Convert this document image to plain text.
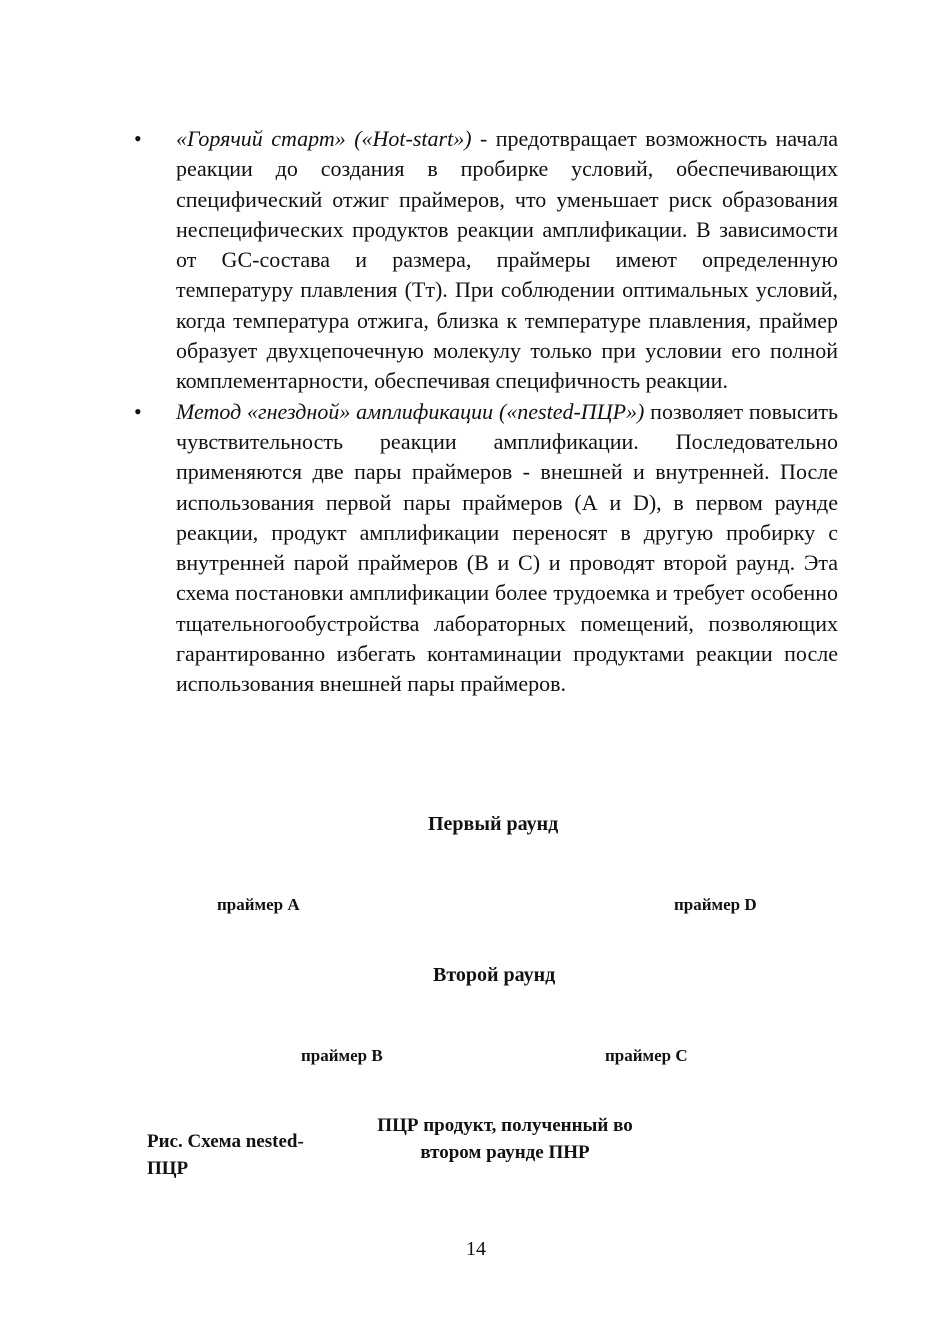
•	«Горячий старт» («Hot-start») - предотвращает возможность начала реакции до создания в пробирке условий, обеспечивающих специфический отжиг праймеров, что уменьшает риск образования неспецифических продуктов реакции амплификации. В зависимости от GC-состава и размера, праймеры имеют определенную температуру плавления (Tт). При соблюдении оптимальных условий, когда температура отжига, близка к температуре плавления, праймер образует двухцепочечную молекулу только при условии его полной комплементарности, обеспечивая специфичность реакции.
•	Метод «гнездной» амплификации («nested-ПЦР») позволяет повысить чувствительность реакции амплификации. Последовательно применяются две пары праймеров - внешней и внутренней. После использования первой пары праймеров (А и D), в первом раунде реакции, продукт амплификации переносят в другую пробирку с внутренней парой праймеров (В и С) и проводят второй раунд. Эта схема постановки амплификации более трудоемка и требует особенно тщательногообустройства лабораторных помещений, позволяющих гарантированно избегать контаминации продуктами реакции после использования внешней пары праймеров.
Первый раунд
праймер А	праймер D
Второй раунд
праймер В	праймер С
Рис. Схема nested-ПЦР
ПЦР продукт, полученный во втором раунде ПНР
14
